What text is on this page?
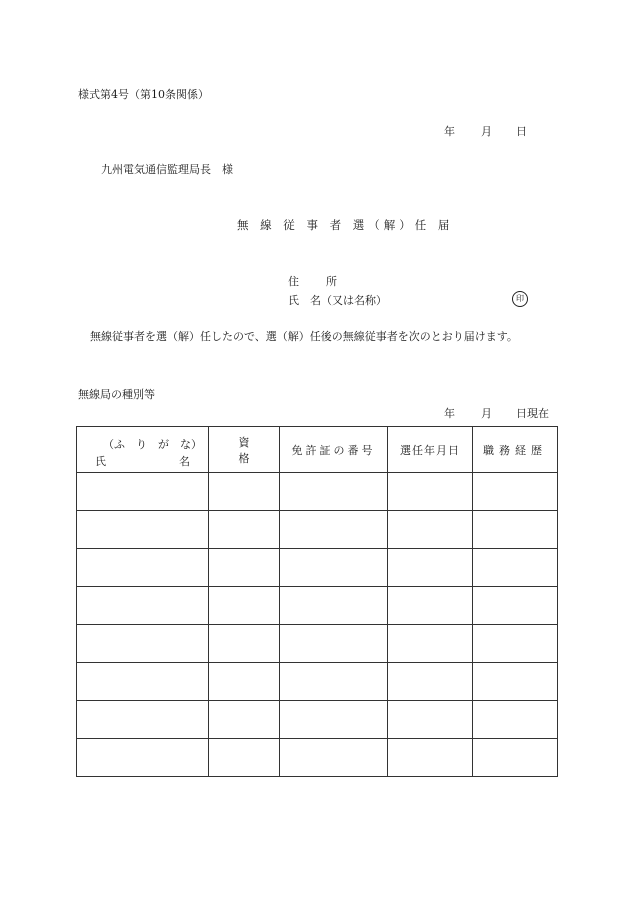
様式第4号（第10条関係）
年 月 日
九州電気通信監理局長　様
無 線 従 事 者 選（解）任 届
住　所
氏　名（又は名称）	印
無線従事者を選（解）任したので、選（解）任後の無線従事者を次のとおり届けます。
無線局の種別等
年 月 日現在
（ふ　り　が　な）
氏 名	資　格	免許証の番号	選任年月日	職務経歴
